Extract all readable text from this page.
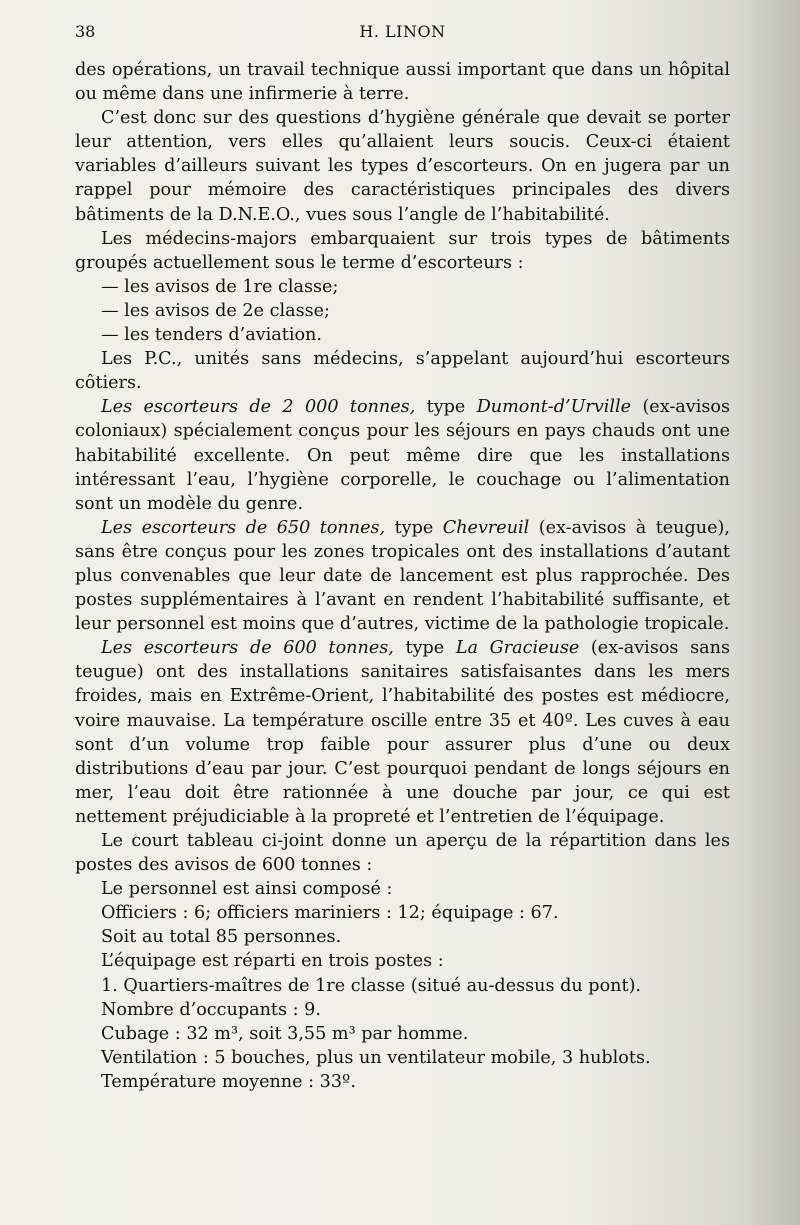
38	H. LINON

des opérations, un travail technique aussi important que dans un hôpital ou même dans une infirmerie à terre.

C’est donc sur des questions d’hygiène générale que devait se porter leur attention, vers elles qu’allaient leurs soucis. Ceux-ci étaient variables d’ailleurs suivant les types d’escorteurs. On en jugera par un rappel pour mémoire des caractéristiques principales des divers bâtiments de la D.N.E.O., vues sous l’angle de l’habitabilité.

Les médecins-majors embarquaient sur trois types de bâtiments groupés actuellement sous le terme d’escorteurs :

— les avisos de 1re classe;

— les avisos de 2e classe;

— les tenders d’aviation.

Les P.C., unités sans médecins, s’appelant aujourd’hui escorteurs côtiers.

Les escorteurs de 2 000 tonnes, type Dumont-d’Urville (ex-avisos coloniaux) spécialement conçus pour les séjours en pays chauds ont une habitabilité excellente. On peut même dire que les installations intéressant l’eau, l’hygiène corporelle, le couchage ou l’alimentation sont un modèle du genre.

Les escorteurs de 650 tonnes, type Chevreuil (ex-avisos à teugue), sans être conçus pour les zones tropicales ont des installations d’autant plus convenables que leur date de lancement est plus rapprochée. Des postes supplémentaires à l’avant en rendent l’habitabilité suffisante, et leur personnel est moins que d’autres, victime de la pathologie tropicale.

Les escorteurs de 600 tonnes, type La Gracieuse (ex-avisos sans teugue) ont des installations sanitaires satisfaisantes dans les mers froides, mais en Extrême-Orient, l’habitabilité des postes est médiocre, voire mauvaise. La température oscille entre 35 et 40º. Les cuves à eau sont d’un volume trop faible pour assurer plus d’une ou deux distributions d’eau par jour. C’est pourquoi pendant de longs séjours en mer, l’eau doit être rationnée à une douche par jour, ce qui est nettement préjudiciable à la propreté et l’entretien de l’équipage.

Le court tableau ci-joint donne un aperçu de la répartition dans les postes des avisos de 600 tonnes :

Le personnel est ainsi composé :

Officiers : 6; officiers mariniers : 12; équipage : 67.

Soit au total 85 personnes.

L’équipage est réparti en trois postes :

1. Quartiers-maîtres de 1re classe (situé au-dessus du pont).

Nombre d’occupants : 9.

Cubage : 32 m³, soit 3,55 m³ par homme.

Ventilation : 5 bouches, plus un ventilateur mobile, 3 hublots.

Température moyenne : 33º.
